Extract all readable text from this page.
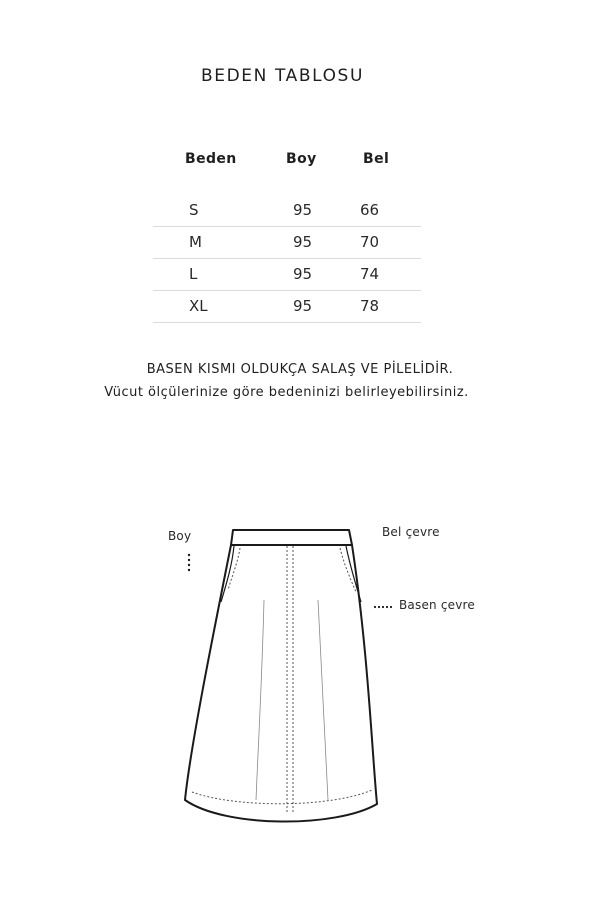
BEDEN TABLOSU
Beden	Boy	Bel
S	95	66
M	95	70
L	95	74
XL	95	78
BASEN KISMI OLDUKÇA SALAŞ VE PİLELİDİR.
Vücut ölçülerinize göre bedeninizi belirleyebilirsiniz.
Boy	Bel çevre
Basen çevre
